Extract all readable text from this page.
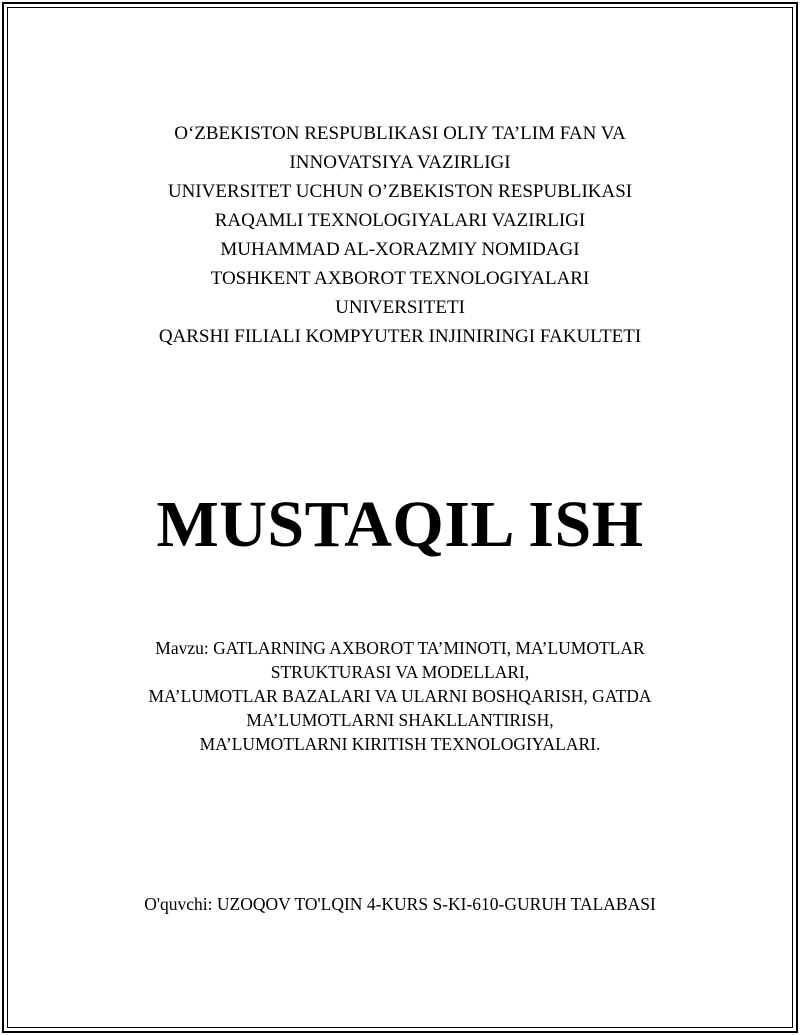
O‘ZBEKISTON RESPUBLIKASI OLIY TA’LIM FAN VA
INNOVATSIYA VAZIRLIGI
UNIVERSITET UCHUN O’ZBEKISTON RESPUBLIKASI
RAQAMLI TEXNOLOGIYALARI VAZIRLIGI
MUHAMMAD AL-XORAZMIY NOMIDAGI
TOSHKENT AXBOROT TEXNOLOGIYALARI
UNIVERSITETI
QARSHI FILIALI KOMPYUTER INJINIRINGI FAKULTETI
MUSTAQIL ISH
Mavzu: GATLARNING AXBOROT TA’MINOTI, MA’LUMOTLAR
STRUKTURASI VA MODELLARI,
MA’LUMOTLAR BAZALARI VA ULARNI BOSHQARISH, GATDA
MA’LUMOTLARNI SHAKLLANTIRISH,
MA’LUMOTLARNI KIRITISH TEXNOLOGIYALARI.
O'quvchi: UZOQOV TO'LQIN 4-KURS S-KI-610-GURUH TALABASI
